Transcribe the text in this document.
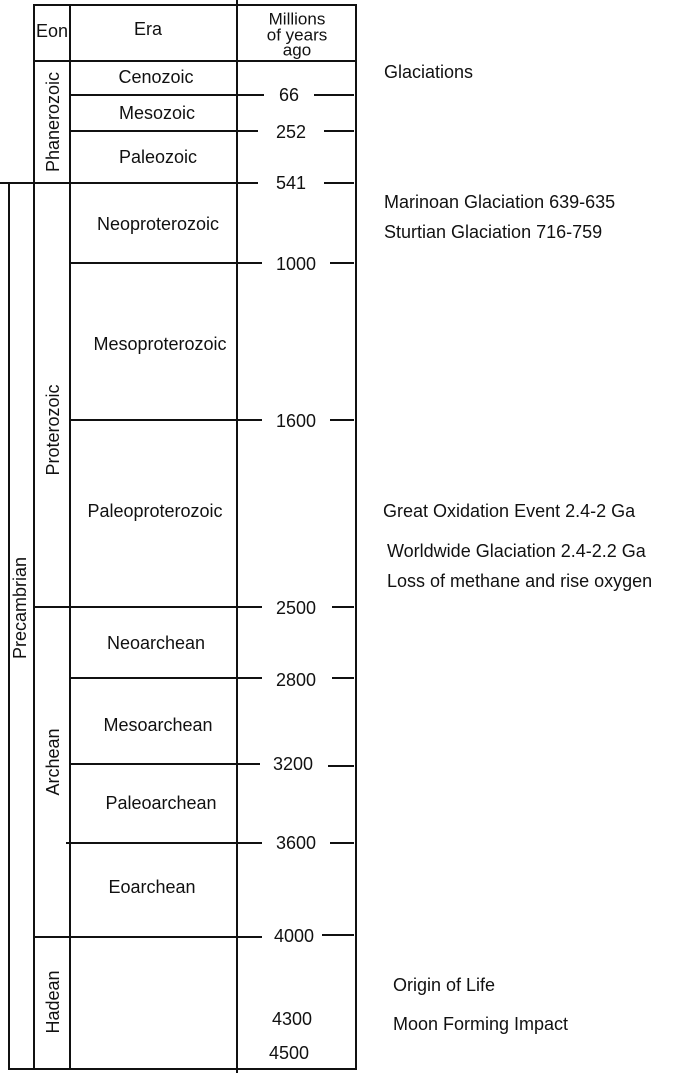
Eon	Era	Millions
of years
ago
Phanerozoic
Proterozoic
Archean
Hadean
Precambrian
Cenozoic
Mesozoic
Paleozoic
Neoproterozoic
Mesoproterozoic
Paleoproterozoic
Neoarchean
Mesoarchean
Paleoarchean
Eoarchean
66
252
541
1000
1600
2500
2800
3200
3600
4000
4300
4500
Glaciations
Marinoan Glaciation 639-635
Sturtian Glaciation 716-759
Great Oxidation Event 2.4-2 Ga
Worldwide Glaciation 2.4-2.2 Ga
Loss of methane and rise oxygen
Origin of Life
Moon Forming Impact
